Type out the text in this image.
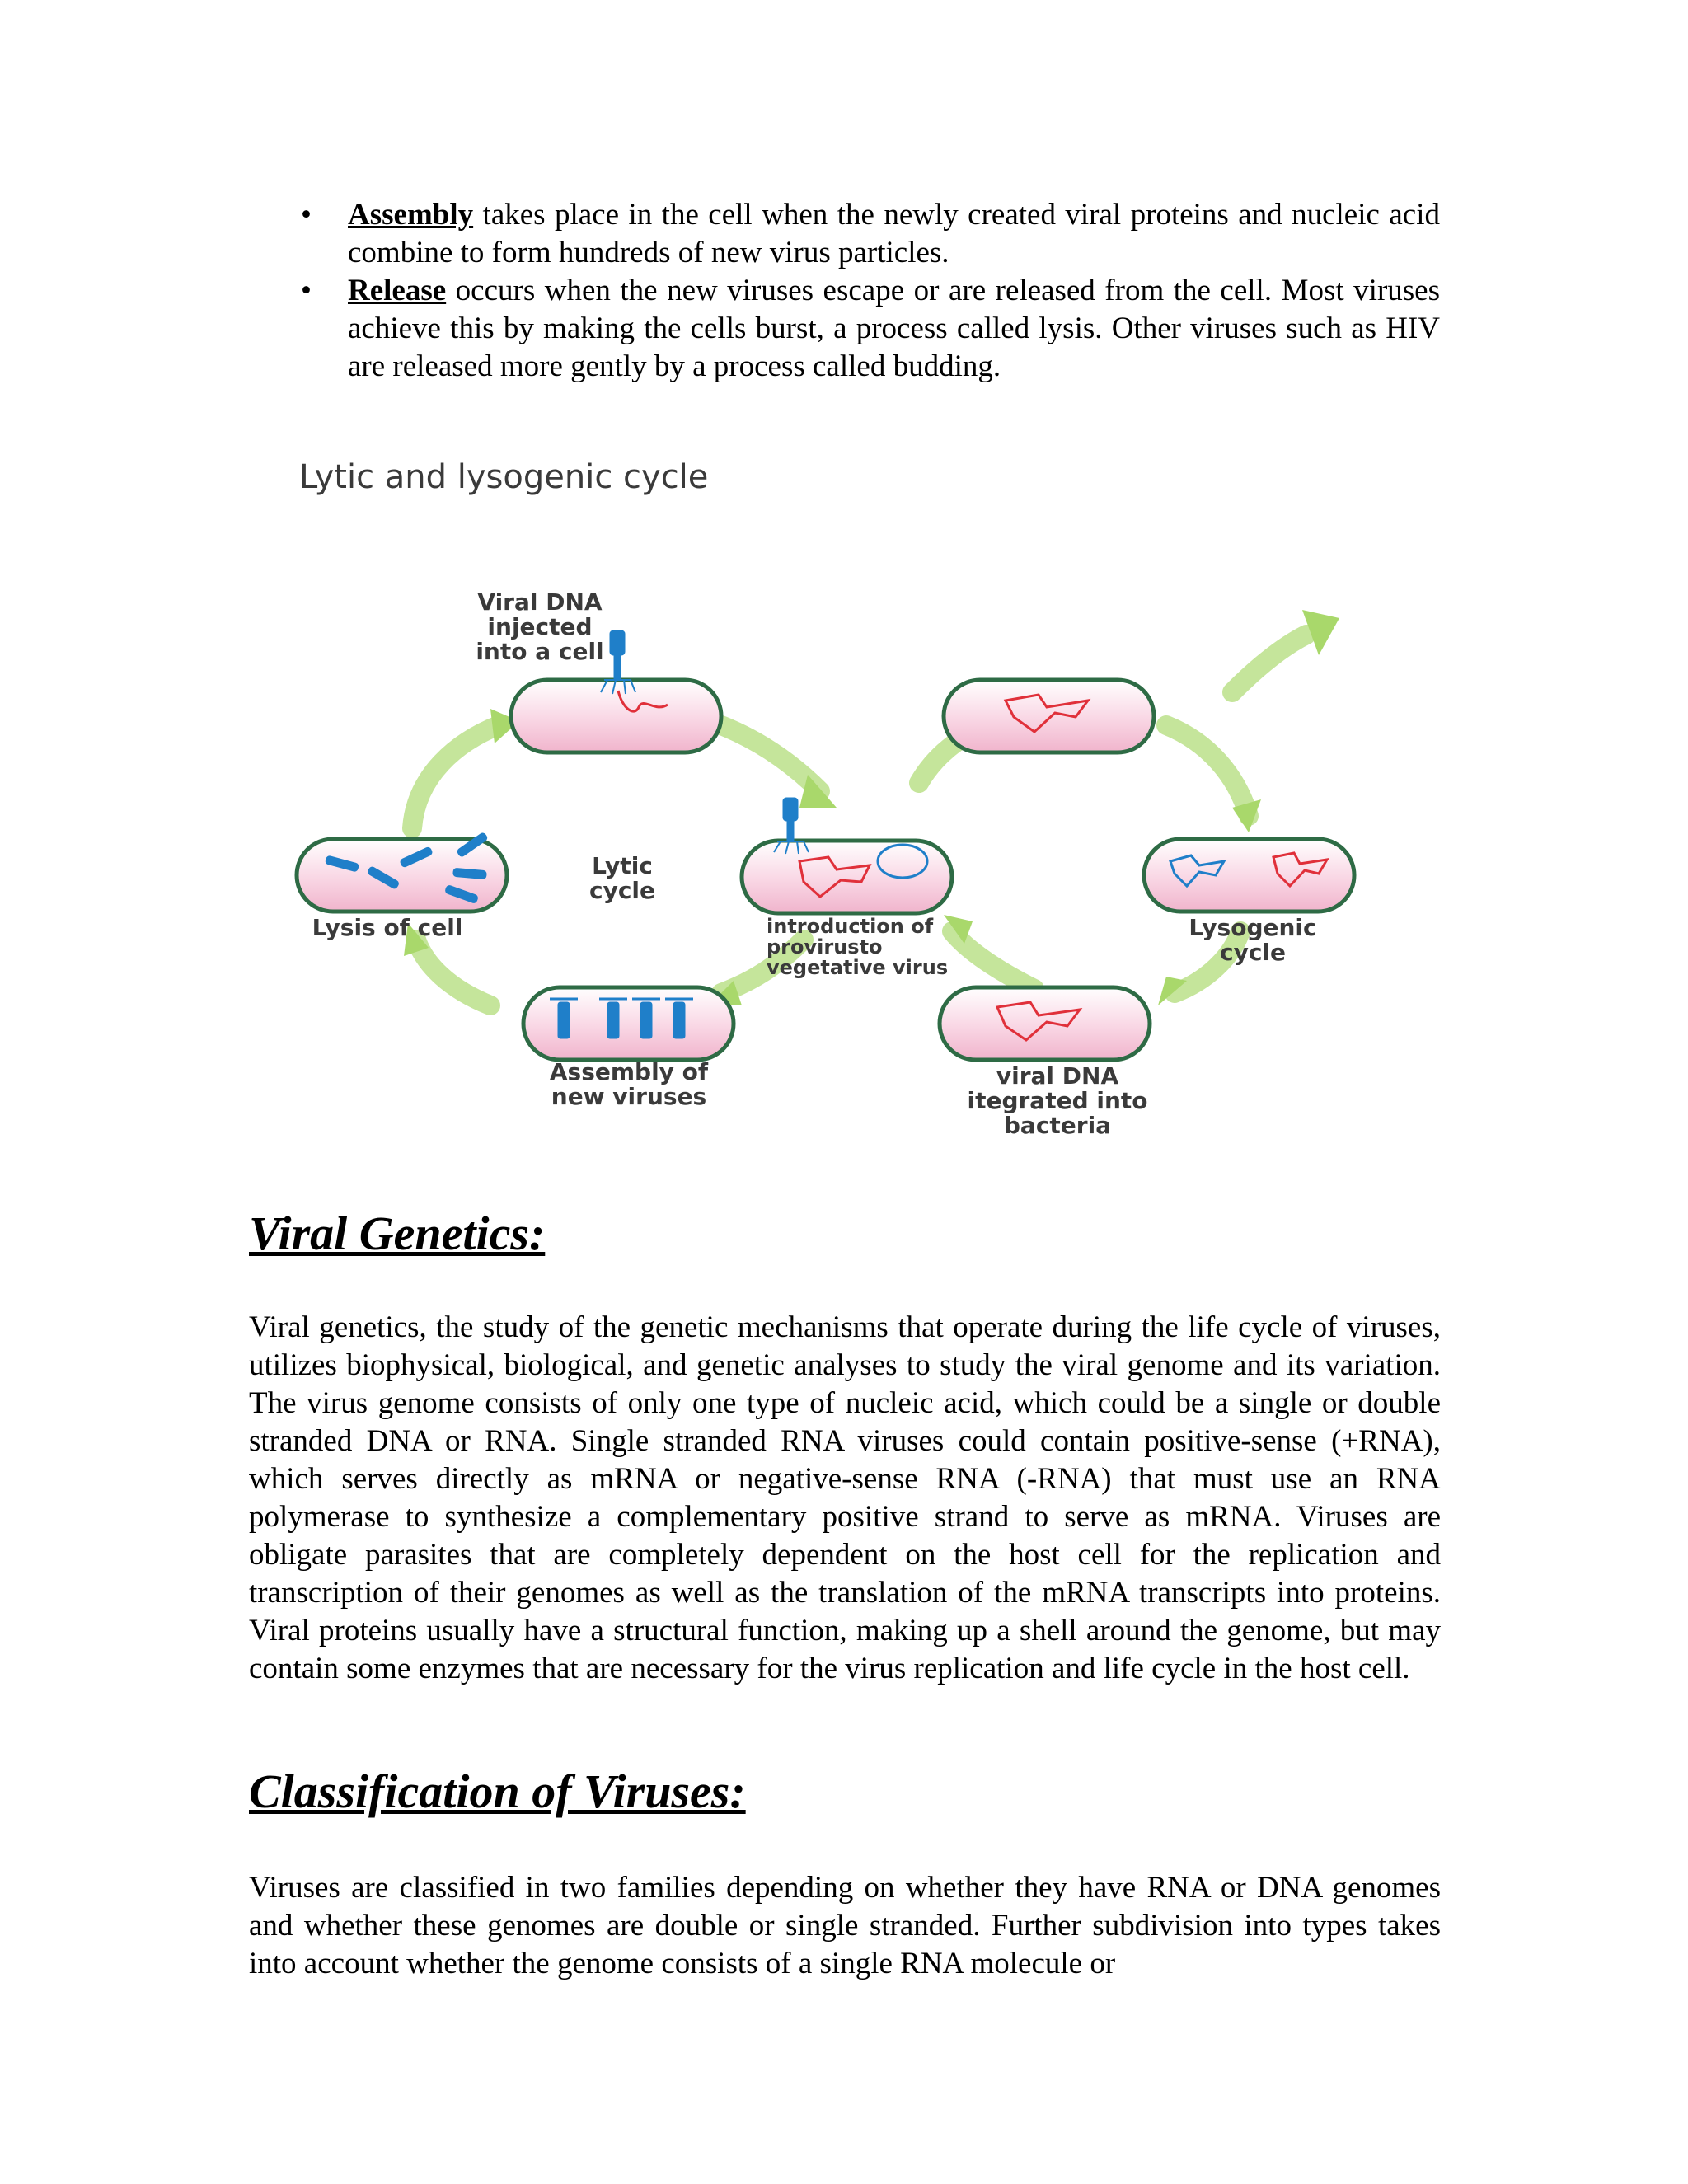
• Assembly takes place in the cell when the newly created viral proteins and nucleic acid combine to form hundreds of new virus particles.
• Release occurs when the new viruses escape or are released from the cell. Most viruses achieve this by making the cells burst, a process called lysis. Other viruses such as HIV are released more gently by a process called budding.
Lytic and lysogenic cycle
Viral DNA
injected
into a cell
Lytic
cycle
Lysis of cell	Lysogenic
cycle
Assembly of
new viruses
viral DNA
itegrated into
bacteria
introduction of
provirusto
vegetative virus
Viral Genetics:

Viral genetics, the study of the genetic mechanisms that operate during the life cycle of viruses, utilizes biophysical, biological, and genetic analyses to study the viral genome and its variation. The virus genome consists of only one type of nucleic acid, which could be a single or double stranded DNA or RNA. Single stranded RNA viruses could contain positive-sense (+RNA), which serves directly as mRNA or negative-sense RNA (-RNA) that must use an RNA polymerase to synthesize a complementary positive strand to serve as mRNA. Viruses are obligate parasites that are completely dependent on the host cell for the replication and transcription of their genomes as well as the translation of the mRNA transcripts into proteins. Viral proteins usually have a structural function, making up a shell around the genome, but may contain some enzymes that are necessary for the virus replication and life cycle in the host cell.

Classification of Viruses:

Viruses are classified in two families depending on whether they have RNA or DNA genomes and whether these genomes are double or single stranded. Further subdivision into types takes into account whether the genome consists of a single RNA molecule or
